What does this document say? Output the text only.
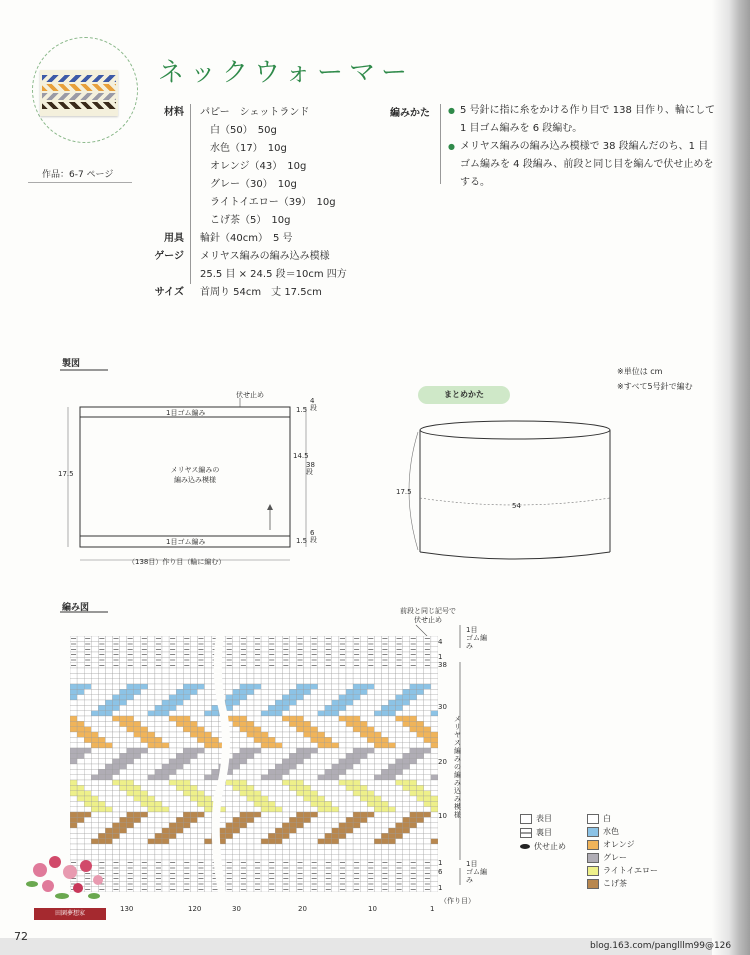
作品：6-7 ページ
ネックウォーマー
材料 パピー　シェットランド
白（50）　50g
水色（17）　10g
オレンジ（43）　10g
グレー（30）　10g
ライトイエロー（39）　10g
こげ茶（5）　10g
用具 輪針（40cm）　5 号
ゲージ メリヤス編みの編み込み模様
25.5 目 × 24.5 段＝10cm 四方
サイズ 首周り 54cm　丈 17.5cm
編みかた

●	5 号針に指に糸をかける作り目で 138 目作り、輪にして 1 目ゴム編みを 6 段編む。

● メリヤス編みの編み込み模様で 38 段編んだのち、1 目ゴム編みを 4 段編み、前段と同じ目を編んで伏せ止めをする。

製図
※単位は cm
※すべて5号針で編む
伏せ止め
1目ゴム編み
メリヤス編みの
編み込み模様
1目ゴム編み
（138目）作り目（輪に編む）
17.5
1.5
14.5
1.5
4段
38段
6段
まとめかた
17.5
54
編み図	前段と同じ記号で
伏せ止め
1目
ゴム編み
メリヤス編みの編み込み模様
1目
ゴム編み
（作り目）
4
1
38
30
20
10
1
6
1
130	120	30	20	10	1
表目
裏目
伏せ止め
白
水色
オレンジ
グレー
ライトイエロー
こげ茶
田園夢想家
72
blog.163.com/panglllm99@126
